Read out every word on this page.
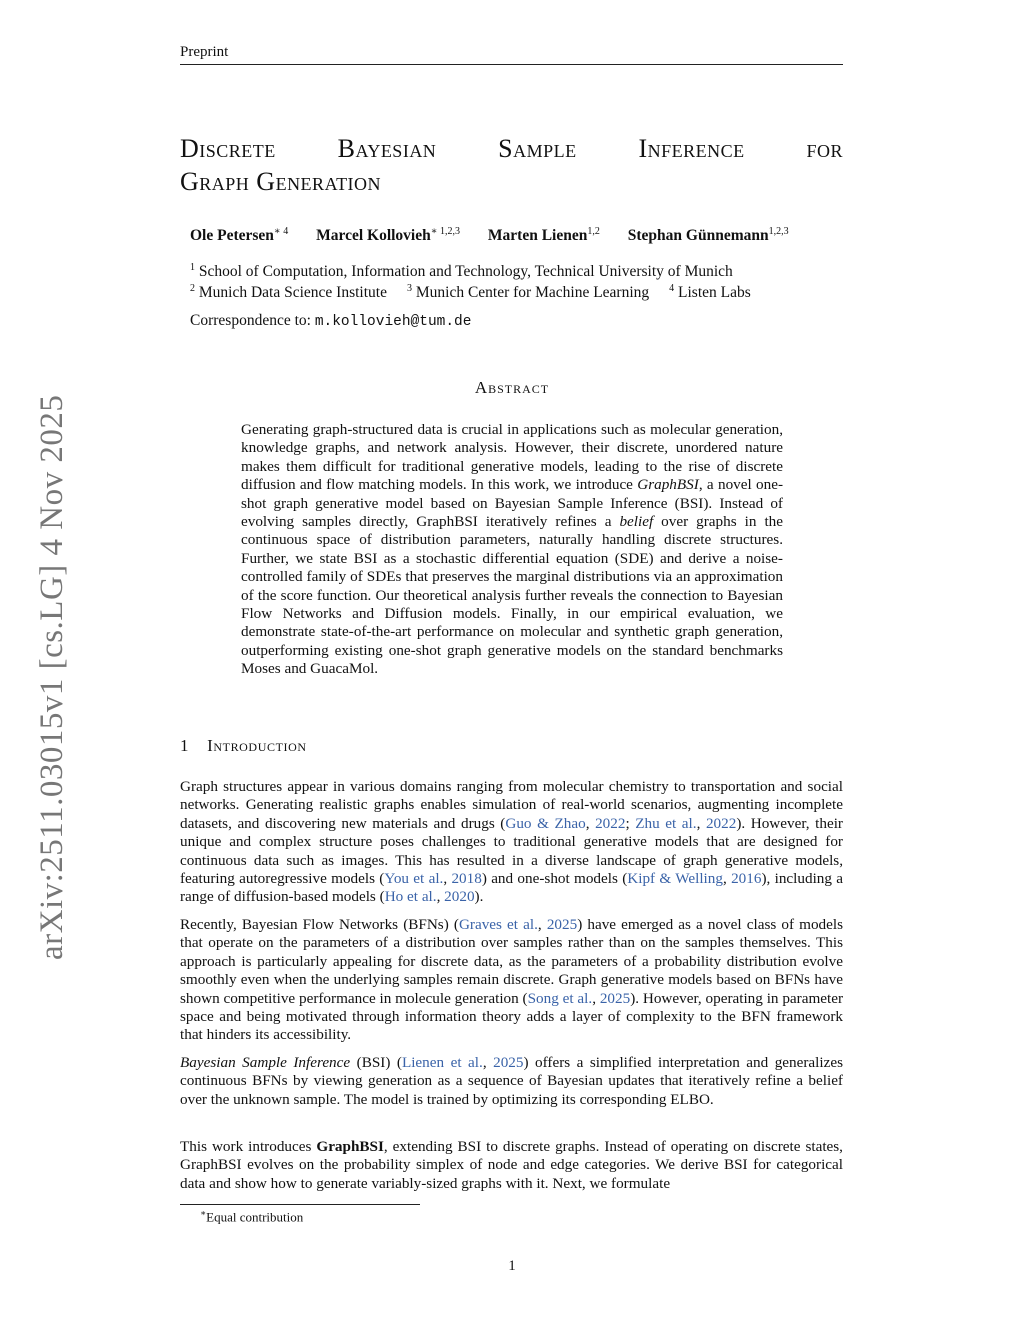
arXiv:2511.03015v1 [cs.LG] 4 Nov 2025
Preprint
Discrete Bayesian Sample Inference for
Graph Generation
Ole Petersen$^{∗ 4}$ Marcel Kollovieh$^{∗ 1,2,3}$ Marten Lienen$^{1,2}$ Stephan Günnemann$^{1,2,3}$
$^1$ School of Computation, Information and Technology, Technical University of Munich
$^2$ Munich Data Science Institute $^3$ Munich Center for Machine Learning $^4$ Listen Labs
Correspondence to: m.kollovieh@tum.de
Abstract
Generating graph-structured data is crucial in applications such as molecular generation, knowledge graphs, and network analysis. However, their discrete, unordered nature makes them difficult for traditional generative models, leading to the rise of discrete diffusion and flow matching models. In this work, we introduce GraphBSI, a novel one-shot graph generative model based on Bayesian Sample Inference (BSI). Instead of evolving samples directly, GraphBSI iteratively refines a belief over graphs in the continuous space of distribution parameters, naturally handling discrete structures. Further, we state BSI as a stochastic differential equation (SDE) and derive a noise-controlled family of SDEs that preserves the marginal distributions via an approximation of the score function. Our theoretical analysis further reveals the connection to Bayesian Flow Networks and Diffusion models. Finally, in our empirical evaluation, we demonstrate state-of-the-art performance on molecular and synthetic graph generation, outperforming existing one-shot graph generative models on the standard benchmarks Moses and GuacaMol.
1 Introduction

Graph structures appear in various domains ranging from molecular chemistry to transportation and social networks. Generating realistic graphs enables simulation of real-world scenarios, augmenting incomplete datasets, and discovering new materials and drugs (Guo & Zhao, 2022; Zhu et al., 2022). However, their unique and complex structure poses challenges to traditional generative models that are designed for continuous data such as images. This has resulted in a diverse landscape of graph generative models, featuring autoregressive models (You et al., 2018) and one-shot models (Kipf & Welling, 2016), including a range of diffusion-based models (Ho et al., 2020).

Recently, Bayesian Flow Networks (BFNs) (Graves et al., 2025) have emerged as a novel class of models that operate on the parameters of a distribution over samples rather than on the samples themselves. This approach is particularly appealing for discrete data, as the parameters of a probability distribution evolve smoothly even when the underlying samples remain discrete. Graph generative models based on BFNs have shown competitive performance in molecule generation (Song et al., 2025). However, operating in parameter space and being motivated through information theory adds a layer of complexity to the BFN framework that hinders its accessibility.

Bayesian Sample Inference (BSI) (Lienen et al., 2025) offers a simplified interpretation and generalizes continuous BFNs by viewing generation as a sequence of Bayesian updates that iteratively refine a belief over the unknown sample. The model is trained by optimizing its corresponding ELBO.

This work introduces GraphBSI, extending BSI to discrete graphs. Instead of operating on discrete states, GraphBSI evolves on the probability simplex of node and edge categories. We derive BSI for categorical data and show how to generate variably-sized graphs with it. Next, we formulate

∗Equal contribution
1
